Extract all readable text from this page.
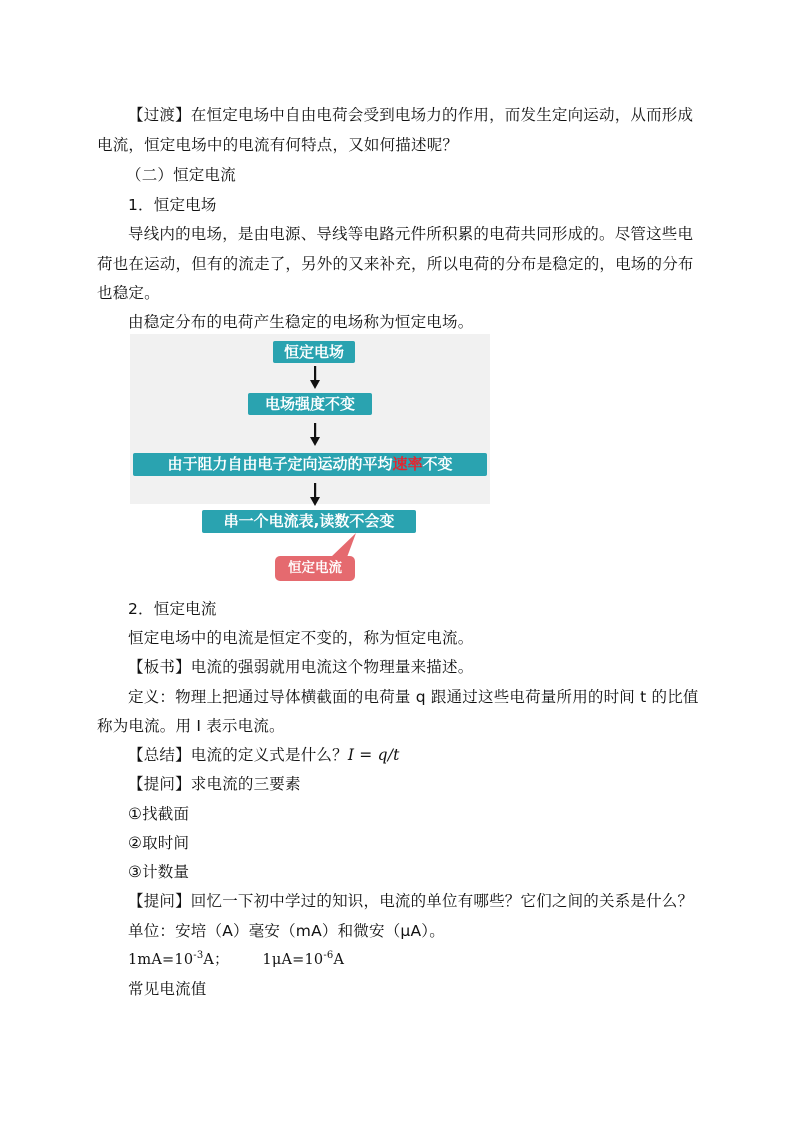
【过渡】在恒定电场中自由电荷会受到电场力的作用，而发生定向运动，从而形成
电流，恒定电场中的电流有何特点，又如何描述呢？
（二）恒定电流
1．恒定电场
导线内的电场，是由电源、导线等电路元件所积累的电荷共同形成的。尽管这些电
荷也在运动，但有的流走了，另外的又来补充，所以电荷的分布是稳定的，电场的分布
也稳定。
由稳定分布的电荷产生稳定的电场称为恒定电场。
恒定电场
电场强度不变
由于阻力自由电子定向运动的平均速率不变
串一个电流表,读数不会变
恒定电流
2．恒定电流
恒定电场中的电流是恒定不变的，称为恒定电流。
【板书】电流的强弱就用电流这个物理量来描述。
定义：物理上把通过导体横截面的电荷量 q 跟通过这些电荷量所用的时间 t 的比值
称为电流。用 I 表示电流。
【总结】电流的定义式是什么？I = q/t
【提问】求电流的三要素
①找截面
②取时间
③计数量
【提问】回忆一下初中学过的知识，电流的单位有哪些？它们之间的关系是什么？
单位：安培（A）毫安（mA）和微安（μA）。
$1mA=10^{-3}A$； $1\mu A=10^{-6}A$
常见电流值
